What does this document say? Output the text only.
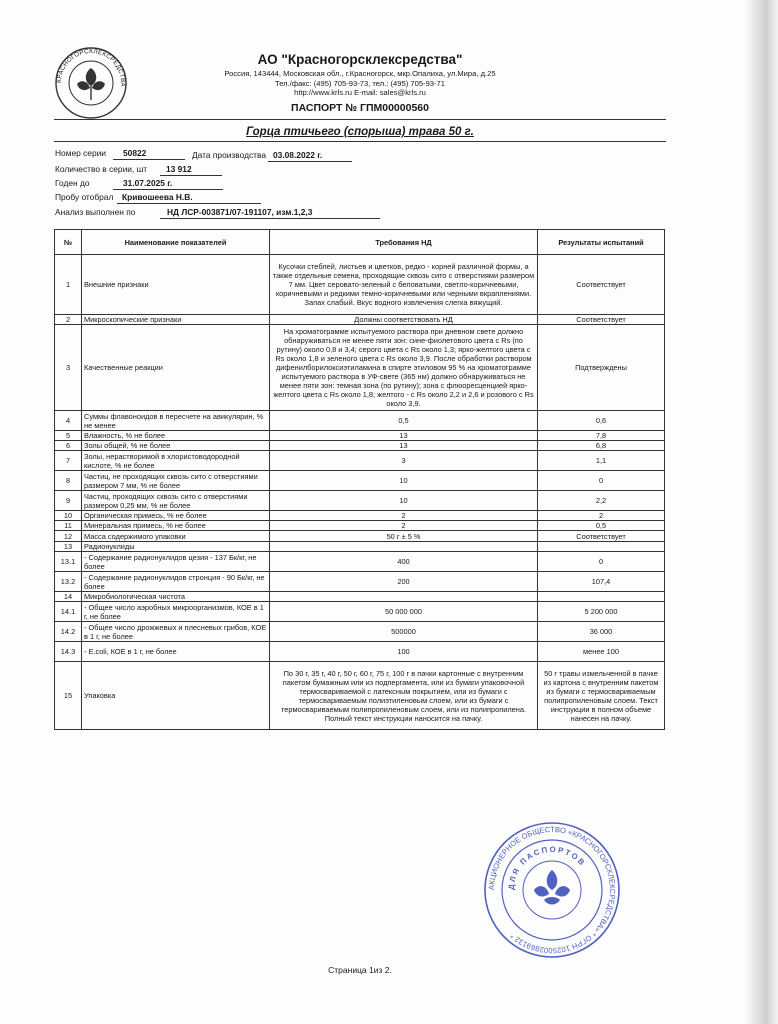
КРАСНОГОРСКЛЕКСРЕДСТВА
АО "Красногорсклексредства"
Россия, 143444, Московская обл., г.Красногорск, мкр.Опалиха, ул.Мира, д.25
Тел./факс: (495) 705-93-73, тел.: (495) 705-93-71
http://www.krls.ru E-mail: sales@krls.ru
ПАСПОРТ № ГПМ00000560
Горца птичьего (спорыша) трава 50 г.
Номер серии 50822	Дата производства 03.08.2022 г.
Количество в серии, шт 13 912
Годен до	31.07.2025 г.
Пробу отобрал Кривошеева Н.В.
Анализ выполнен по	НД ЛСР-003871/07-191107, изм.1,2,3
№	Наименование показателей	Требования НД	Результаты испытаний
1	Внешние признаки	Кусочки стеблей, листьев и цветков, редко - корней различной формы, а также отдельные семена, проходящие сквозь сито с отверстиями размером 7 мм. Цвет серовато-зеленый с беловатыми, светло-коричневыми, коричневыми и редкими темно-коричневыми или черными вкраплениями. Запах слабый. Вкус водного извлечения слегка вяжущий.	Соответствует
2	Микроскопические признаки	Должны соответствовать НД	Соответствует
3	Качественные реакции	На хроматограмме испытуемого раствора при дневном свете должно обнаруживаться не менее пяти зон: сине-фиолетового цвета с Rs (по рутину) около 0,8 и 3,4; серого цвета с Rs около 1,3; ярко-желтого цвета с Rs около 1,8 и зеленого цвета с Rs около 3,9. После обработки раствором дифенилборилоксиэтиламина в спирте этиловом 95 % на хроматограмме испытуемого раствора в УФ-свете (365 нм) должно обнаруживаться не менее пяти зон: темная зона (по рутину); зона с флюоресценцией ярко-желтого цвета с Rs около 1,8; желтого - с Rs около 2,2 и 2,6 и розового с Rs около 3,9.	Подтверждены
4	Суммы флавоноидов в пересчете на авикулярин, % не менее	0,5	0,6
5	Влажность, % не более	13	7,8
6	Золы общей, % не более	13	6,8
7	Золы, нерастворимой в хлористоводородной кислоте, % не более	3	1,1
8	Частиц, не проходящих сквозь сито с отверстиями размером 7 мм, % не более	10	0
9	Частиц, проходящих сквозь сито с отверстиями размером 0,25 мм, % не более	10	2,2
10	Органическая примесь, % не более	2	2
11	Минеральная примесь, % не более	2	0,5
12	Масса содержимого упаковки	50 г ± 5 %	Соответствует
13	Радионуклиды		
13.1	- Содержание радионуклидов цезия - 137 Бк/кг, не более	400	0
13.2	- Содержание радионуклидов стронция - 90 Бк/кг, не более	200	107,4
14	Микробиологическая чистота		
14.1	- Общее число аэробных микроорганизмов, КОЕ в 1 г, не более	50 000 000	5 200 000
14.2	- Общее число дрожжевых и плесневых грибов, КОЕ в 1 г, не более	500000	36 000
14.3	- E.coli, КОЕ в 1 г, не более	100	менее 100
15	Упаковка	По 30 г, 35 г, 40 г, 50 г, 60 г, 75 г, 100 г в пачки картонные с внутренним пакетом бумажным или из подпергамента, или из бумаги упаковочной термосвариваемой с латексным покрытием, или из бумаги с термосвариваемым полиэтиленовым слоем, или из бумаги с термосвариваемым полипропиленовым слоем, или из полипропилена. Полный текст инструкции наносится на пачку.	50 г травы измельченной в пачке из картона с внутренним пакетом из бумаги с термосвариваемым полипропиленовым слоем. Текст инструкции в полном объеме нанесен на пачку.
АКЦИОНЕРНОЕ ОБЩЕСТВО «КРАСНОГОРСКЛЕКСРЕДСТВА» * ОГРН 1025002869132 *
ДЛЯ ПАСПОРТОВ
Страница 1из 2.
